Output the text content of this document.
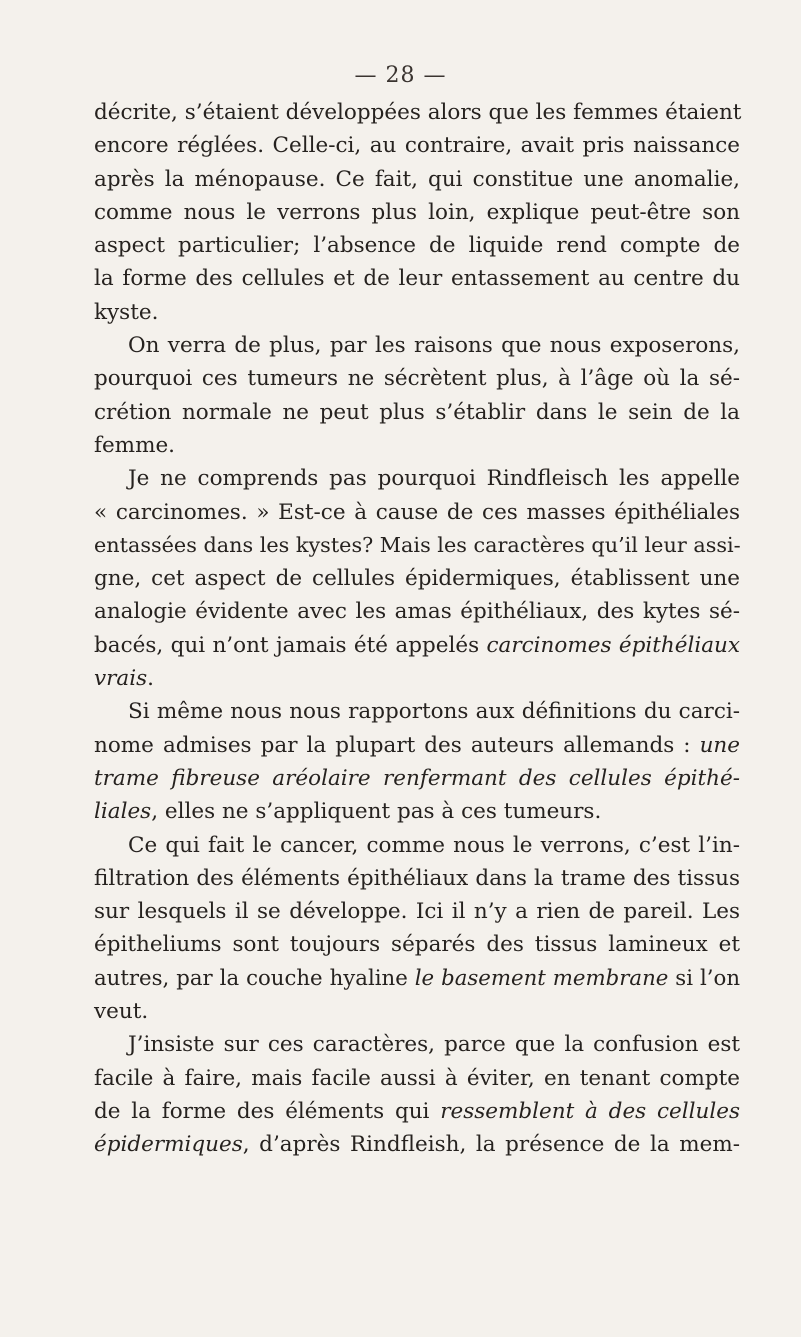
— 28 —
décrite, s’étaient développées alors que les femmes étaient
encore réglées. Celle-ci, au contraire, avait pris naissance
après la ménopause. Ce fait, qui constitue une anomalie,
comme nous le verrons plus loin, explique peut-être son
aspect particulier; l’absence de liquide rend compte de
la forme des cellules et de leur entassement au centre du
kyste.
On verra de plus, par les raisons que nous exposerons,
pourquoi ces tumeurs ne sécrètent plus, à l’âge où la sé-
crétion normale ne peut plus s’établir dans le sein de la
femme.
Je ne comprends pas pourquoi Rindfleisch les appelle
« carcinomes. » Est-ce à cause de ces masses épithéliales
entassées dans les kystes? Mais les caractères qu’il leur assi-
gne, cet aspect de cellules épidermiques, établissent une
analogie évidente avec les amas épithéliaux, des kytes sé-
bacés, qui n’ont jamais été appelés carcinomes épithéliaux
vrais.
Si même nous nous rapportons aux définitions du carci-
nome admises par la plupart des auteurs allemands : une
trame fibreuse aréolaire renfermant des cellules épithé-
liales, elles ne s’appliquent pas à ces tumeurs.
Ce qui fait le cancer, comme nous le verrons, c’est l’in-
filtration des éléments épithéliaux dans la trame des tissus
sur lesquels il se développe. Ici il n’y a rien de pareil. Les
épitheliums sont toujours séparés des tissus lamineux et
autres, par la couche hyaline le basement membrane si l’on
veut.
J’insiste sur ces caractères, parce que la confusion est
facile à faire, mais facile aussi à éviter, en tenant compte
de la forme des éléments qui ressemblent à des cellules
épidermiques, d’après Rindfleish, la présence de la mem-
